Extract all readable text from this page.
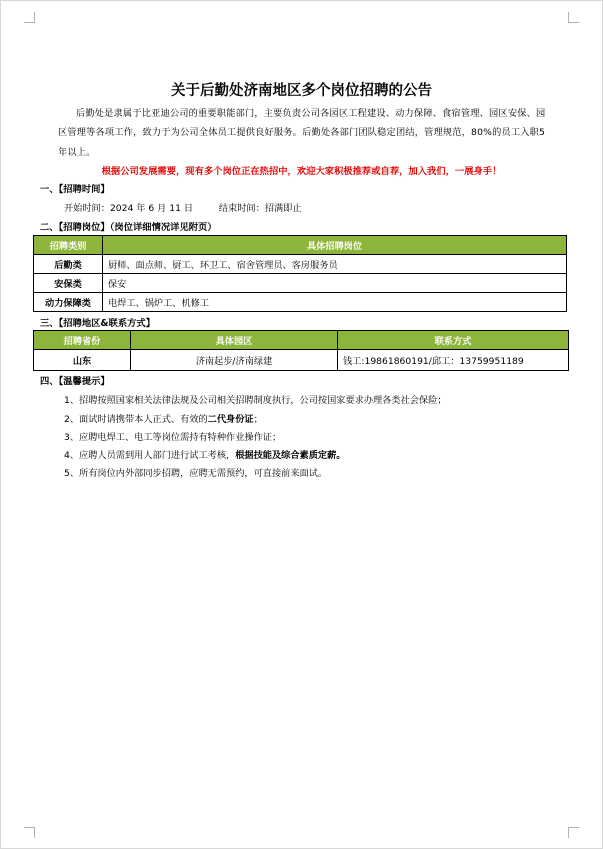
关于后勤处济南地区多个岗位招聘的公告
后勤处是隶属于比亚迪公司的重要职能部门，主要负责公司各园区工程建设、动力保障、食宿管理、园区安保、园区管理等各项工作，致力于为公司全体员工提供良好服务。后勤处各部门团队稳定团结，管理规范，80%的员工入职5年以上。
根据公司发展需要，现有多个岗位正在热招中，欢迎大家积极推荐或自荐，加入我们，一展身手！
一、【招聘时间】
开始时间：2024 年 6 月 11 日	结束时间：招满即止
二、【招聘岗位】（岗位详细情况详见附页）
招聘类别	具体招聘岗位
后勤类	厨师、面点师、厨工、环卫工、宿舍管理员、客房服务员
安保类	保安
动力保障类	电焊工、锅炉工、机修工
三、【招聘地区&联系方式】
招聘省份	具体园区	联系方式
山东	济南起步/济南绿建	钱工:19861860191/邱工：13759951189
四、【温馨提示】
1、招聘按照国家相关法律法规及公司相关招聘制度执行，公司按国家要求办理各类社会保险；
2、面试时请携带本人正式、有效的二代身份证；
3、应聘电焊工、电工等岗位需持有特种作业操作证；
4、应聘人员需到用人部门进行试工考核，根据技能及综合素质定薪。
5、所有岗位内外部同步招聘，应聘无需预约，可直接前来面试。
